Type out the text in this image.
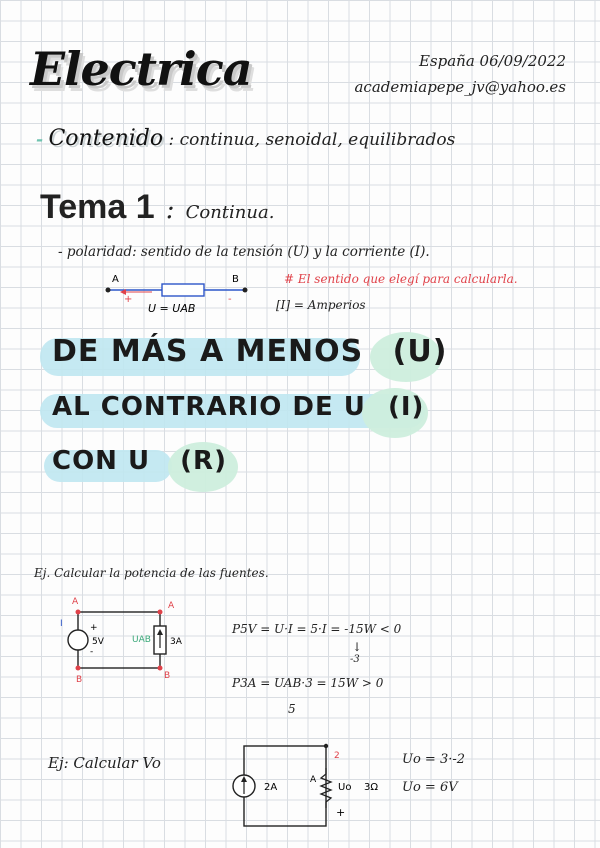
Electrica	España 06/09/2022
academiapepe_jv@yahoo.es
- Contenido : continua, senoidal, equilibrados
Tema 1 : Continua.
- polaridad: sentido de la tensión (U) y la corriente (I).
A	B
+	-
U = UAB
# El sentido que elegí para calcularla.
[I] = Amperios
DE MÁS A MENOS (U)
AL CONTRARIO DE U (I)
CON U (R)
Ej. Calcular la potencia de las fuentes.
A	A
B	B
I
5V	3A
UAB
+
-
P5V = U·I = 5·I = -15W < 0
↓
-3
P3A = UAB·3 = 15W > 0
5
Ej: Calcular Vo
2A	Uo 3Ω
A
2
+
Uo = 3·-2
Uo = 6V
